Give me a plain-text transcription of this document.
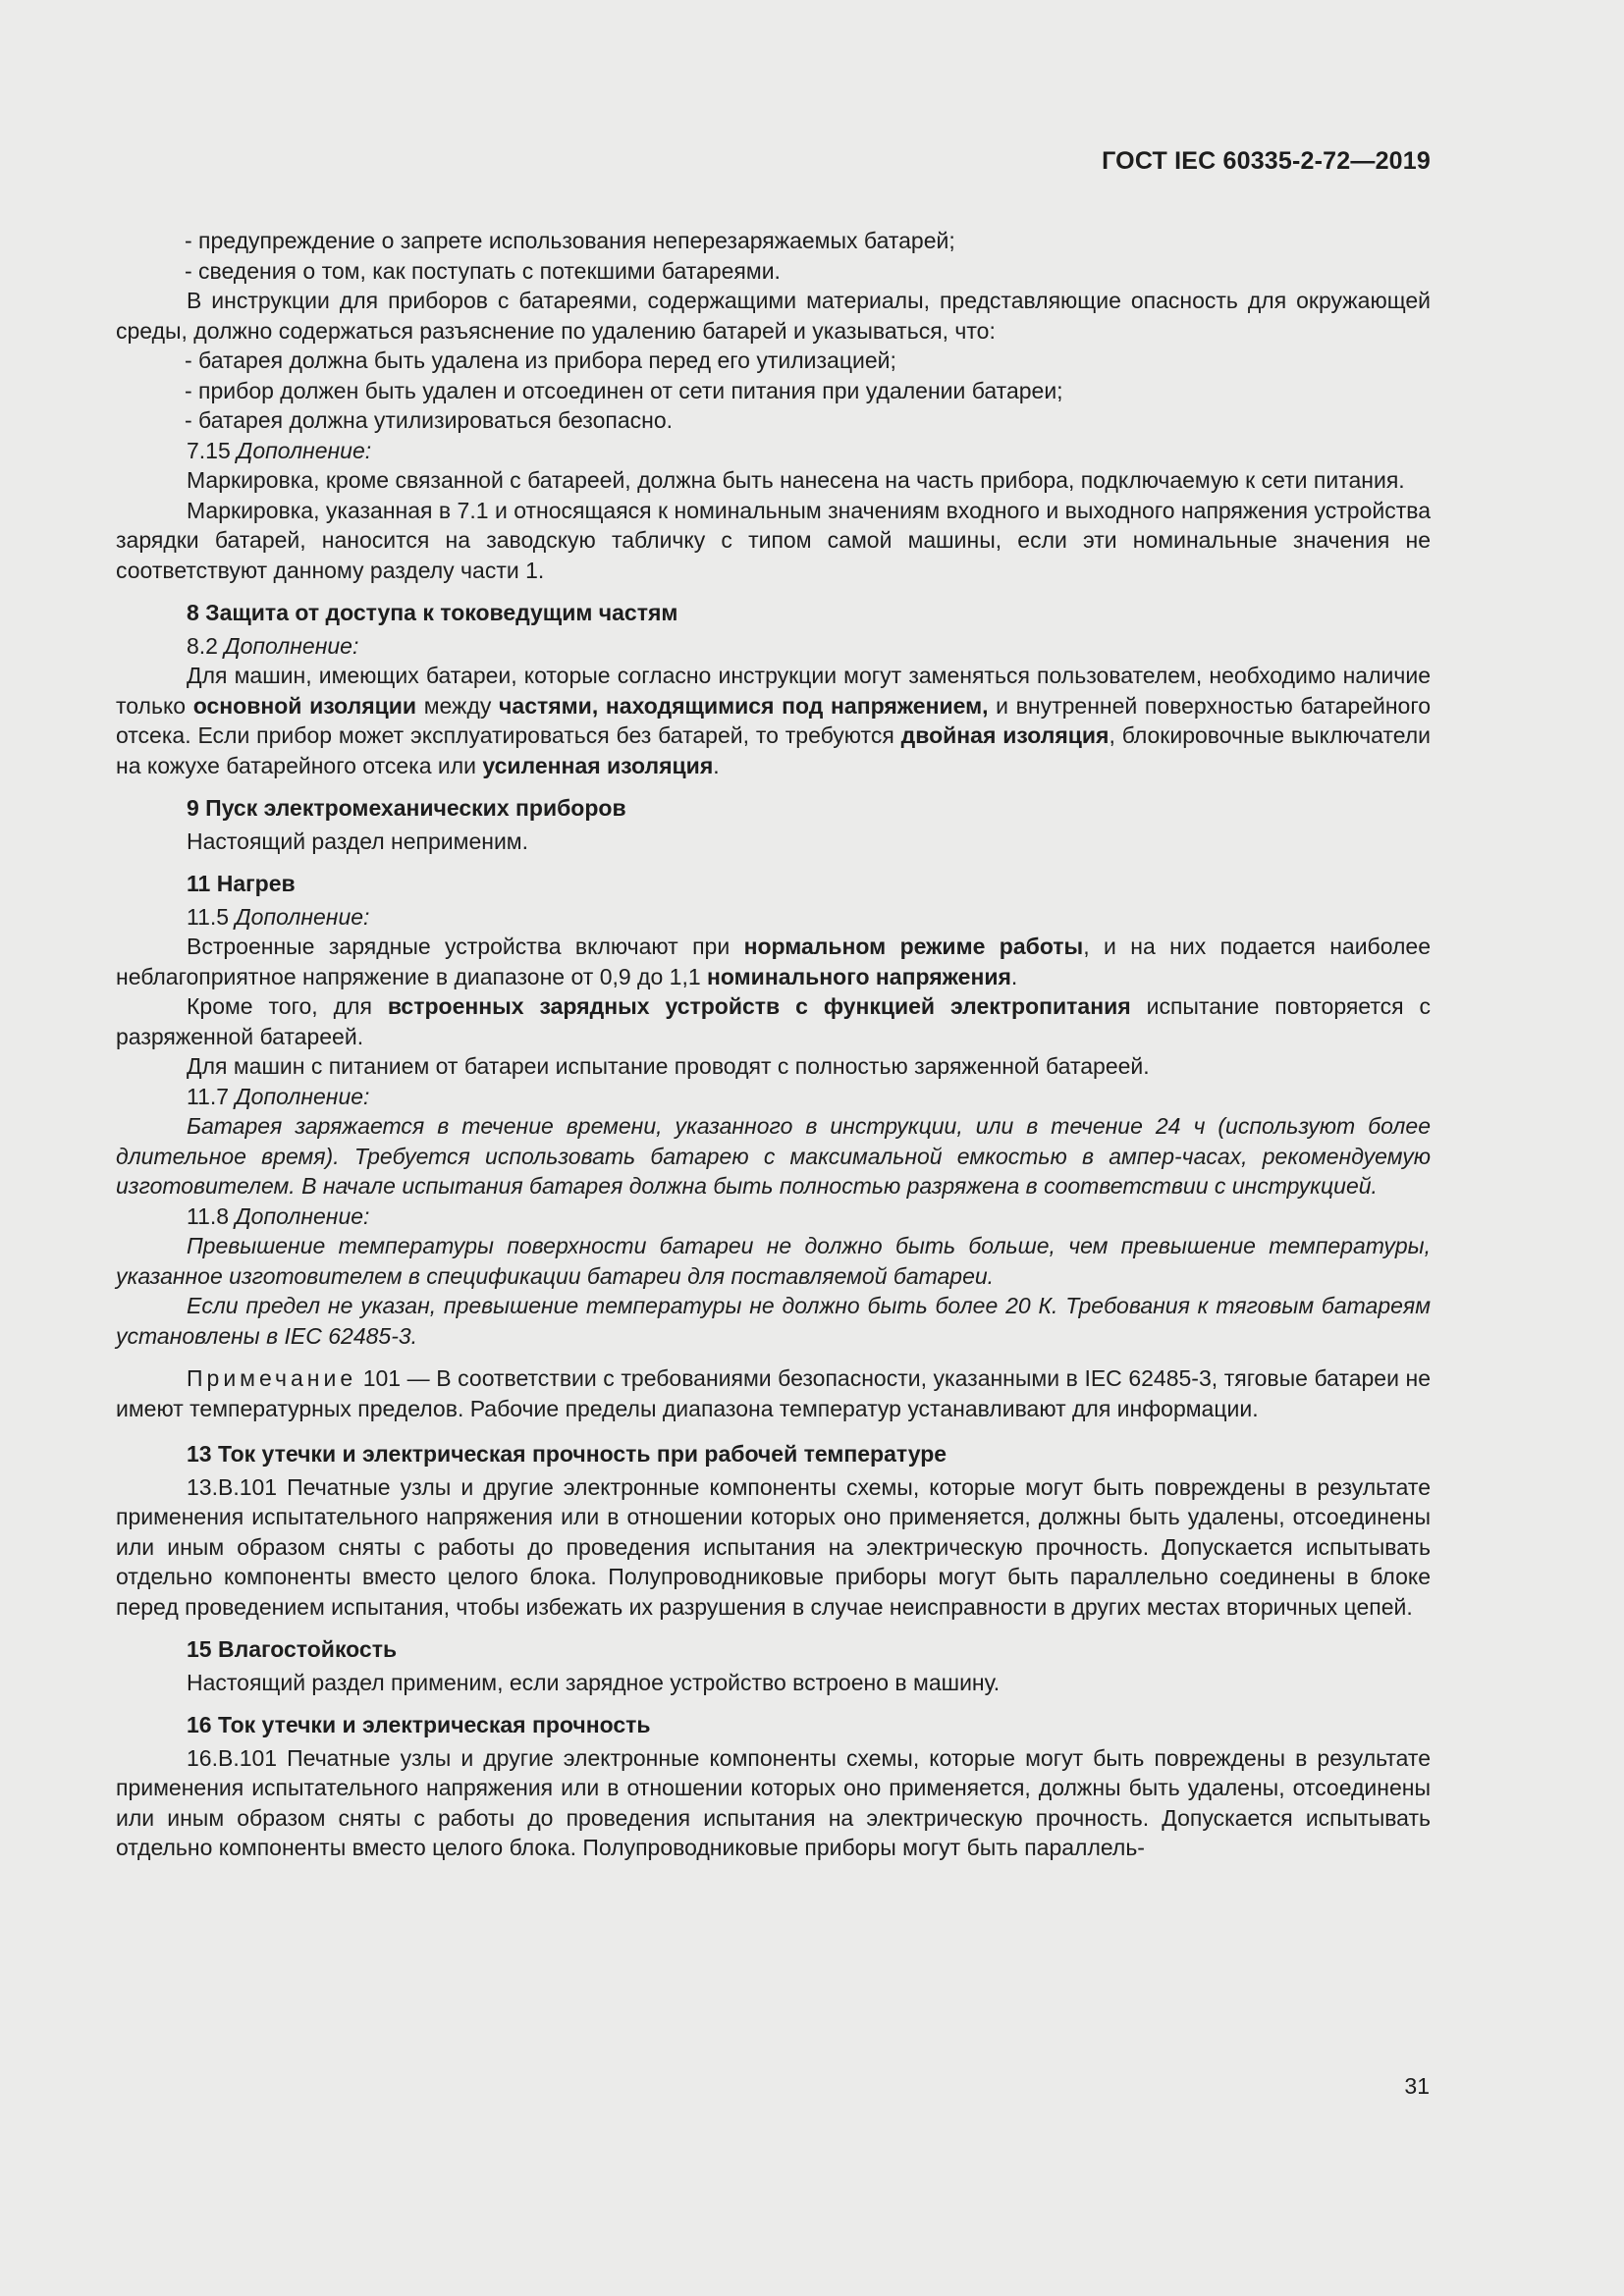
ГОСТ IEC 60335-2-72—2019

- предупреждение о запрете использования неперезаряжаемых батарей;

- сведения о том, как поступать с потекшими батареями.

В инструкции для приборов с батареями, содержащими материалы, представляющие опасность для окружающей среды, должно содержаться разъяснение по удалению батарей и указываться, что:

- батарея должна быть удалена из прибора перед его утилизацией;

- прибор должен быть удален и отсоединен от сети питания при удалении батареи;

- батарея должна утилизироваться безопасно.

7.15 Дополнение:

Маркировка, кроме связанной с батареей, должна быть нанесена на часть прибора, подключаемую к сети питания.

Маркировка, указанная в 7.1 и относящаяся к номинальным значениям входного и выходного напряжения устройства зарядки батарей, наносится на заводскую табличку с типом самой машины, если эти номинальные значения не соответствуют данному разделу части 1.

8 Защита от доступа к токоведущим частям

8.2 Дополнение:

Для машин, имеющих батареи, которые согласно инструкции могут заменяться пользователем, необходимо наличие только основной изоляции между частями, находящимися под напряжением, и внутренней поверхностью батарейного отсека. Если прибор может эксплуатироваться без батарей, то требуются двойная изоляция, блокировочные выключатели на кожухе батарейного отсека или усиленная изоляция.

9 Пуск электромеханических приборов

Настоящий раздел неприменим.

11 Нагрев

11.5 Дополнение:

Встроенные зарядные устройства включают при нормальном режиме работы, и на них подается наиболее неблагоприятное напряжение в диапазоне от 0,9 до 1,1 номинального напряжения.

Кроме того, для встроенных зарядных устройств с функцией электропитания испытание повторяется с разряженной батареей.

Для машин с питанием от батареи испытание проводят с полностью заряженной батареей.

11.7 Дополнение:

Батарея заряжается в течение времени, указанного в инструкции, или в течение 24 ч (используют более длительное время). Требуется использовать батарею с максимальной емкостью в ампер-часах, рекомендуемую изготовителем. В начале испытания батарея должна быть полностью разряжена в соответствии с инструкцией.

11.8 Дополнение:

Превышение температуры поверхности батареи не должно быть больше, чем превышение температуры, указанное изготовителем в спецификации батареи для поставляемой батареи.

Если предел не указан, превышение температуры не должно быть более 20 К. Требования к тяговым батареям установлены в IEC 62485-3.

Примечание 101 — В соответствии с требованиями безопасности, указанными в IEC 62485-3, тяговые батареи не имеют температурных пределов. Рабочие пределы диапазона температур устанавливают для информации.

13 Ток утечки и электрическая прочность при рабочей температуре

13.В.101 Печатные узлы и другие электронные компоненты схемы, которые могут быть повреждены в результате применения испытательного напряжения или в отношении которых оно применяется, должны быть удалены, отсоединены или иным образом сняты с работы до проведения испытания на электрическую прочность. Допускается испытывать отдельно компоненты вместо целого блока. Полупроводниковые приборы могут быть параллельно соединены в блоке перед проведением испытания, чтобы избежать их разрушения в случае неисправности в других местах вторичных цепей.

15 Влагостойкость

Настоящий раздел применим, если зарядное устройство встроено в машину.

16 Ток утечки и электрическая прочность

16.В.101 Печатные узлы и другие электронные компоненты схемы, которые могут быть повреждены в результате применения испытательного напряжения или в отношении которых оно применяется, должны быть удалены, отсоединены или иным образом сняты с работы до проведения испытания на электрическую прочность. Допускается испытывать отдельно компоненты вместо целого блока. Полупроводниковые приборы могут быть параллель-

31
